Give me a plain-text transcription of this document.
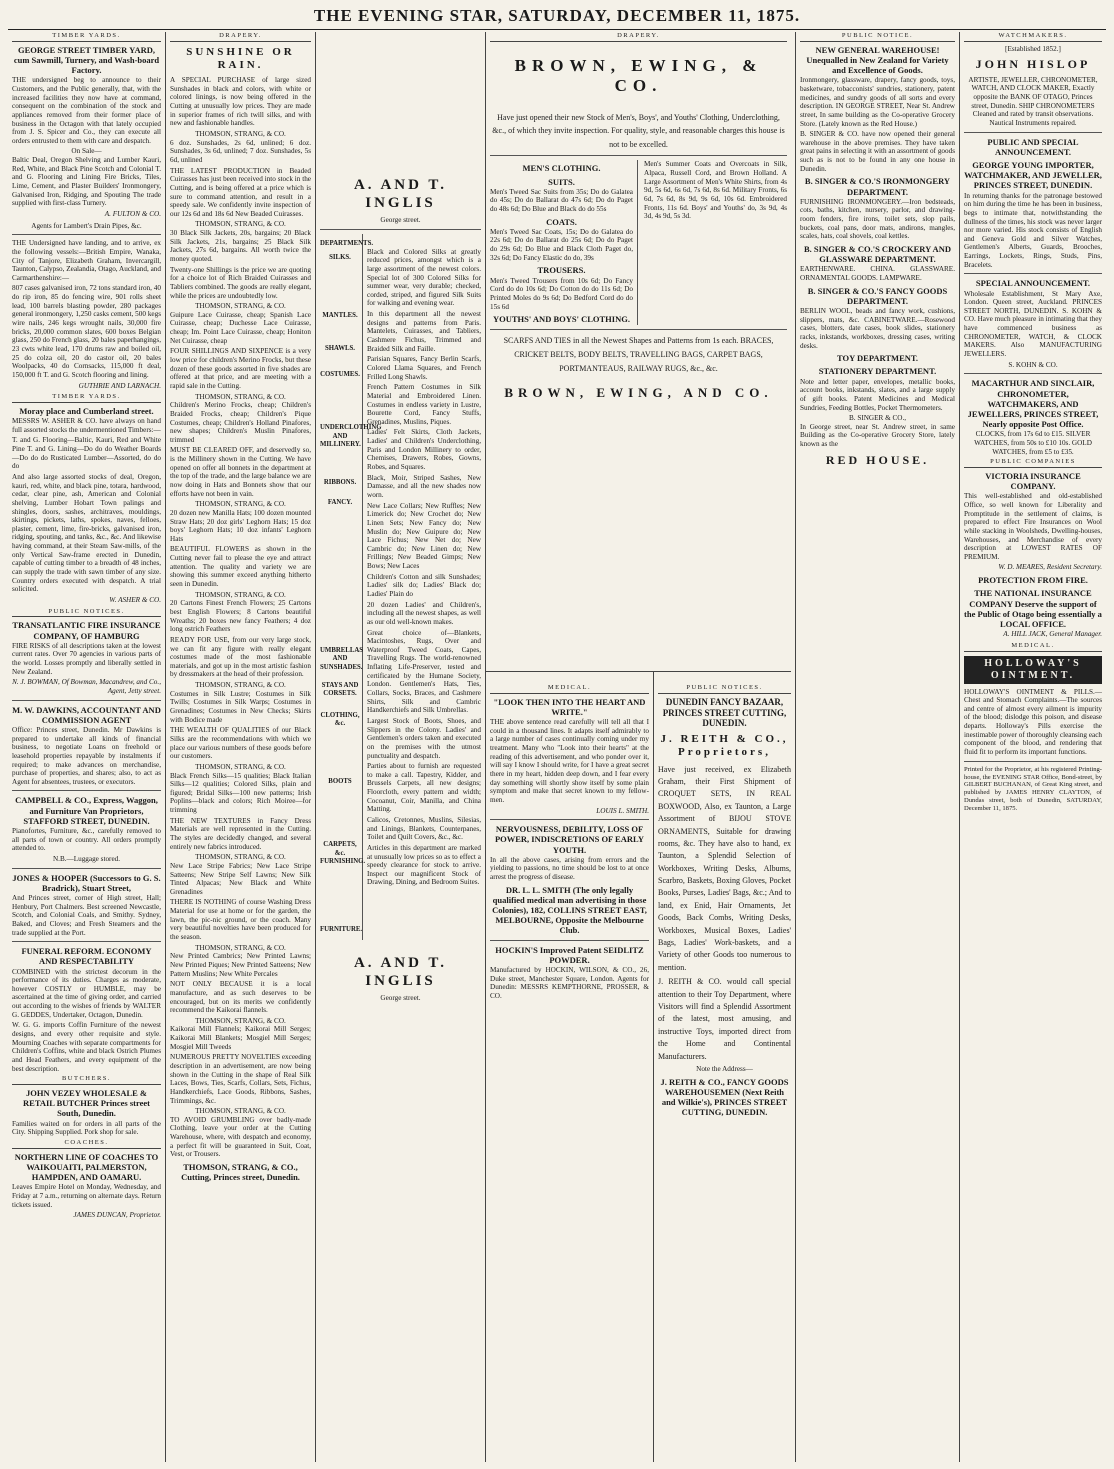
THE EVENING STAR, SATURDAY, DECEMBER 11, 1875.
TIMBER YARDS.
GEORGE STREET TIMBER YARD, cum Sawmill, Turnery, and Wash-board Factory.

THE undersigned beg to announce to their Customers, and the Public generally, that, with the increased facilities they now have at command, consequent on the combination of the stock and appliances removed from their former place of business in the Octagon with that lately occupied from J. S. Spicer and Co., they can execute all orders entrusted to them with care and despatch.

On Sale—

Baltic Deal, Oregon Shelving and Lumber Kauri, Red, White, and Black Pine Scotch and Colonial T. and G. Flooring and Lining Fire Bricks, Tiles, Lime, Cement, and Plaster Builders' Ironmongery, Galvanised Iron, Ridging, and Spouting The trade supplied with first-class Turnery.

A. FULTON & CO.
Agents for Lambert's Drain Pipes, &c.

THE Undersigned have landing, and to arrive, ex the following vessels:—British Empire, Wanaka, City of Tanjore, Elizabeth Graham, Invercargill, Taunton, Calypso, Zealandia, Otago, Auckland, and Carmarthenshire:—

807 cases galvanised iron, 72 tons standard iron, 40 do rip iron, 85 do fencing wire, 901 rolls sheet lead, 100 barrels blasting powder, 280 packages general ironmongery, 1,250 casks cement, 500 kegs wire nails, 246 kegs wrought nails, 30,000 fire bricks, 20,000 common slates, 600 boxes Belgian glass, 250 do French glass, 20 bales paperhangings, 23 cwts white lead, 170 drums raw and boiled oil, 25 do colza oil, 20 do castor oil, 20 bales Woolpacks, 40 do Cornsacks, 115,000 ft deal, 150,000 ft T. and G. Scotch flooring and lining.

GUTHRIE AND LARNACH.
TIMBER YARDS.
Moray place and Cumberland street.

MESSRS W. ASHER & CO. have always on hand full assorted stocks the undermentioned Timbers:—

T. and G. Flooring—Baltic, Kauri, Red and White Pine T. and G. Lining—Do do do Weather Boards—Do do do Rusticated Lumber—Assorted, do do do

And also large assorted stocks of deal, Oregon, kauri, red, white, and black pine, totara, hardwood, cedar, clear pine, ash, American and Colonial shelving, Lumber Hobart Town palings and shingles, doors, sashes, architraves, mouldings, skirtings, pickets, laths, spokes, naves, felloes, plaster, cement, lime, fire-bricks, galvanised iron, ridging, spouting, and tanks, &c., &c. And likewise having command, at their Steam Saw-mills, of the only Vertical Saw-frame erected in Dunedin, capable of cutting timber to a breadth of 48 inches, can supply the trade with sawn timber of any size. Country orders executed with despatch. A trial solicited.

W. ASHER & CO.
PUBLIC NOTICES.
TRANSATLANTIC FIRE INSURANCE COMPANY, OF HAMBURG

FIRE RISKS of all descriptions taken at the lowest current rates. Over 70 agencies in various parts of the world. Losses promptly and liberally settled in New Zealand.

N. J. BOWMAN, Of Bowman, Macandrew, and Co., Agent, Jetty street.
M. W. DAWKINS, ACCOUNTANT AND COMMISSION AGENT

Office: Princes street, Dunedin. Mr Dawkins is prepared to undertake all kinds of financial business, to negotiate Loans on freehold or leasehold properties repayable by instalments if required; to make advances on merchandise, purchase of properties, and shares; also, to act as Agent for absentees, trustees, or executors.

CAMPBELL & CO., Express, Waggon, and Furniture Van Proprietors, STAFFORD STREET, DUNEDIN.

Pianofortes, Furniture, &c., carefully removed to all parts of town or country. All orders promptly attended to.

N.B.—Luggage stored.
JONES & HOOPER (Successors to G. S. Bradrick), Stuart Street,

And Princes street, corner of High street, Hall; Henbury, Port Chalmers. Best screened Newcastle, Scotch, and Colonial Coals, and Smithy. Sydney, Baked, and Cloves; and Fresh Steamers and the trade supplied at the Port.

FUNERAL REFORM. ECONOMY AND RESPECTABILITY

COMBINED with the strictest decorum in the performance of its duties. Charges as moderate, however COSTLY or HUMBLE, may be ascertained at the time of giving order, and carried out according to the wishes of friends by WALTER G. GEDDES, Undertaker, Octagon, Dunedin.

W. G. G. imports Coffin Furniture of the newest designs, and every other requisite and style. Mourning Coaches with separate compartments for Children's Coffins, white and black Ostrich Plumes and Head Feathers, and every equipment of the best description.

BUTCHERS.
JOHN VEZEY WHOLESALE & RETAIL BUTCHER Princes street South, Dunedin.

Families waited on for orders in all parts of the City. Shipping Supplied. Pork shop for sale.

COACHES.
NORTHERN LINE OF COACHES TO WAIKOUAITI, PALMERSTON, HAMPDEN, AND OAMARU.

Leaves Empire Hotel on Monday, Wednesday, and Friday at 7 a.m., returning on alternate days. Return tickets issued.

JAMES DUNCAN, Proprietor.
DRAPERY.
SUNSHINE OR RAIN.

A SPECIAL PURCHASE of large sized Sunshades in black and colors, with white or colored linings, is now being offered in the Cutting at unusually low prices. They are made in superior frames of rich twill silks, and with new and fashionable handles.

THOMSON, STRANG, & CO.

6 doz. Sunshades, 2s 6d, unlined; 6 doz. Sunshades, 3s 6d, unlined; 7 doz. Sunshades, 5s 6d, unlined

THE LATEST PRODUCTION in Beaded Cuirasses has just been received into stock in the Cutting, and is being offered at a price which is sure to command attention, and result in a speedy sale. We confidently invite inspection of our 12s 6d and 18s 6d New Beaded Cuirasses.

THOMSON, STRANG, & CO.

30 Black Silk Jackets, 20s, bargains; 20 Black Silk Jackets, 21s, bargains; 25 Black Silk Jackets, 27s 6d, bargains. All worth twice the money quoted.

Twenty-one Shillings is the price we are quoting for a choice lot of Rich Braided Cuirasses and Tabliers combined. The goods are really elegant, while the prices are undoubtedly low.

THOMSON, STRANG, & CO.

Guipure Lace Cuirasse, cheap; Spanish Lace Cuirasse, cheap; Duchesse Lace Cuirasse, cheap; Im. Point Lace Cuirasse, cheap; Honiton Net Cuirasse, cheap

FOUR SHILLINGS AND SIXPENCE is a very low price for children's Merino Frocks, but these dozen of these goods assorted in five shades are offered at that price, and are meeting with a rapid sale in the Cutting.

THOMSON, STRANG, & CO.

Children's Merino Frocks, cheap; Children's Braided Frocks, cheap; Children's Pique Costumes, cheap; Children's Holland Pinafores, new shapes; Children's Muslin Pinafores, trimmed

MUST BE CLEARED OFF, and deservedly so, is the Millinery shown in the Cutting. We have opened on offer all bonnets in the department at the top of the trade, and the large balance we are now doing in Hats and Bonnets show that our efforts have not been in vain.

THOMSON, STRANG, & CO.

20 dozen new Manilla Hats; 100 dozen mounted Straw Hats; 20 doz girls' Leghorn Hats; 15 doz boys' Leghorn Hats; 10 doz infants' Leghorn Hats

BEAUTIFUL FLOWERS as shown in the Cutting never fail to please the eye and attract attention. The quality and variety we are showing this summer exceed anything hitherto seen in Dunedin.

THOMSON, STRANG, & CO.

20 Cartons Finest French Flowers; 25 Cartons best English Flowers; 8 Cartons beautiful Wreaths; 20 boxes new fancy Feathers; 4 doz long ostrich Feathers

READY FOR USE, from our very large stock, we can fit any figure with really elegant costumes made of the most fashionable materials, and got up in the most artistic fashion by dressmakers at the head of their profession.

THOMSON, STRANG, & CO.

Costumes in Silk Lustre; Costumes in Silk Twills; Costumes in Silk Warps; Costumes in Grenadines; Costumes in New Checks; Skirts with Bodice made

THE WEALTH OF QUALITIES of our Black Silks are the recommendations with which we place our various numbers of these goods before our customers.

THOMSON, STRANG, & CO.

Black French Silks—15 qualities; Black Italian Silks—12 qualities; Colored Silks, plain and figured; Bridal Silks—100 new patterns; Irish Poplins—black and colors; Rich Moiree—for trimming

THE NEW TEXTURES in Fancy Dress Materials are well represented in the Cutting. The styles are decidedly changed, and several entirely new fabrics introduced.

THOMSON, STRANG, & CO.

New Lace Stripe Fabrics; New Lace Stripe Satteens; New Stripe Self Lawns; New Silk Tinted Alpacas; New Black and White Grenadines

THERE IS NOTHING of course Washing Dress Material for use at home or for the garden, the lawn, the pic-nic ground, or the coach. Many very beautiful novelties have been produced for the season.

THOMSON, STRANG, & CO.

New Printed Cambrics; New Printed Lawns; New Printed Piques; New Printed Satteens; New Pattern Muslins; New White Percales

NOT ONLY BECAUSE it is a local manufacture, and as such deserves to be encouraged, but on its merits we confidently recommend the Kaikorai flannels.

THOMSON, STRANG, & CO.

Kaikorai Mill Flannels; Kaikorai Mill Serges; Kaikorai Mill Blankets; Mosgiel Mill Serges; Mosgiel Mill Tweeds

NUMEROUS PRETTY NOVELTIES exceeding description in an advertisement, are now being shown in the Cutting in the shape of Real Silk Laces, Bows, Ties, Scarfs, Collars, Sets, Fichus, Handkerchiefs, Lace Goods, Ribbons, Sashes, Trimmings, &c.

THOMSON, STRANG, & CO.

TO AVOID GRUMBLING over badly-made Clothing, leave your order at the Cutting Warehouse, where, with despatch and economy, a perfect fit will be guaranteed in Suit, Coat, Vest, or Trousers.

THOMSON, STRANG, & CO., Cutting, Princes street, Dunedin.
A. AND T. INGLIS
George street.
DEPARTMENTS.
SILKS.
MANTLES.
SHAWLS.
COSTUMES.
UNDERCLOTHING AND MILLINERY.
RIBBONS.
FANCY.
UMBRELLAS AND SUNSHADES.
STAYS AND CORSETS.
CLOTHING, &c.
BOOTS
CARPETS, &c. FURNISHING.
FURNITURE.

Black and Colored Silks at greatly reduced prices, amongst which is a large assortment of the newest colors. Special lot of 300 Colored Silks for summer wear, very durable; checked, corded, striped, and figured Silk Suits for walking and evening wear.

In this department all the newest designs and patterns from Paris. Mantelets, Cuirasses, and Tabliers, Cashmere Fichus, Trimmed and Braided Silk and Faille.

Parisian Squares, Fancy Berlin Scarfs, Colored Llama Squares, and French Frilled Long Shawls.

French Pattern Costumes in Silk Material and Embroidered Linen. Costumes in endless variety in Lustre, Bourette Cord, Fancy Stuffs, Grenadines, Muslins, Piques.

Ladies' Felt Skirts, Cloth Jackets, Ladies' and Children's Underclothing, Paris and London Millinery to order, Chemises, Drawers, Robes, Gowns, Robes, and Squares.

Black, Moir, Striped Sashes, New Damasse, and all the new shades now worn.

New Lace Collars; New Ruffles; New Limerick do; New Crochet do; New Linen Sets; New Fancy do; New Muslin do; New Guipure do; New Lace Fichus; New Net do; New Cambric do; New Linen do; New Frillings; New Beaded Gimps; New Bows; New Laces

Children's Cotton and silk Sunshades; Ladies' silk do; Ladies' Black do; Ladies' Plain do

20 dozen Ladies' and Children's, including all the newest shapes, as well as our old well-known makes.

Great choice of—Blankets, Macintoshes, Rugs, Over and Waterproof Tweed Coats, Capes, Travelling Rugs. The world-renowned Inflating Life-Preserver, tested and certificated by the Humane Society, London. Gentlemen's Hats, Ties, Collars, Socks, Braces, and Cashmere Shirts, Silk and Cambric Handkerchiefs and Silk Umbrellas.

Largest Stock of Boots, Shoes, and Slippers in the Colony. Ladies' and Gentlemen's orders taken and executed on the premises with the utmost punctuality and despatch.

Parties about to furnish are requested to make a call. Tapestry, Kidder, and Brussels Carpets, all new designs; Floorcloth, every pattern and width; Cocoanut, Coir, Manilla, and China Matting.

Calicos, Cretonnes, Muslins, Silesias, and Linings, Blankets, Counterpanes, Toilet and Quilt Covers, &c., &c.

Articles in this department are marked at unusually low prices so as to effect a speedy clearance for stock to arrive. Inspect our magnificent Stock of Drawing, Dining, and Bedroom Suites.

A. AND T. INGLIS
George street.
MEDICAL.
"LOOK THEN INTO THE HEART AND WRITE."

THE above sentence read carefully will tell all that I could in a thousand lines. It adapts itself admirably to a large number of cases continually coming under my treatment. Many who "Look into their hearts" at the reading of this advertisement, and who ponder over it, will say I know I should write, for I have a great secret there in my heart, hidden deep down, and I fear every day something will shortly show itself by some plain symptom and make that secret known to my fellow-men.

LOUIS L. SMITH.
NERVOUSNESS, DEBILITY, LOSS OF POWER, INDISCRETIONS OF EARLY YOUTH.

In all the above cases, arising from errors and the yielding to passions, no time should be lost to at once arrest the progress of disease.

DR. L. L. SMITH (The only legally qualified medical man advertising in those Colonies), 182, COLLINS STREET EAST, MELBOURNE, Opposite the Melbourne Club.
HOCKIN'S Improved Patent SEIDLITZ POWDER.

Manufactured by HOCKIN, WILSON, & CO., 26, Duke street, Manchester Square, London. Agents for Dunedin: MESSRS KEMPTHORNE, PROSSER, & CO.

PUBLIC NOTICES.
DUNEDIN FANCY BAZAAR, PRINCES STREET CUTTING, DUNEDIN.
J. REITH & CO., Proprietors,

Have just received, ex Elizabeth Graham, their First Shipment of CROQUET SETS, IN REAL BOXWOOD, Also, ex Taunton, a Large Assortment of BIJOU STOVE ORNAMENTS, Suitable for drawing rooms, &c. They have also to hand, ex Taunton, a Splendid Selection of Workboxes, Writing Desks, Albums, Scarbro, Baskets, Boxing Gloves, Pocket Books, Purses, Ladies' Bags, &c.; And to land, ex Enid, Hair Ornaments, Jet Goods, Back Combs, Writing Desks, Workboxes, Musical Boxes, Ladies' Bags, Ladies' Work-baskets, and a Variety of other Goods too numerous to mention.

J. REITH & CO. would call special attention to their Toy Department, where Visitors will find a Splendid Assortment of the latest, most amusing, and instructive Toys, imported direct from the Home and Continental Manufacturers.

Note the Address—
J. REITH & CO., FANCY GOODS WAREHOUSEMEN (Next Reith and Wilkie's), PRINCES STREET CUTTING, DUNEDIN.
PUBLIC NOTICE.
NEW GENERAL WAREHOUSE! Unequalled in New Zealand for Variety and Excellence of Goods.

Ironmongery, glassware, drapery, fancy goods, toys, basketware, tobacconists' sundries, stationery, patent medicines, and sundry goods of all sorts and every description. IN GEORGE STREET, Near St. Andrew street, In same building as the Co-operative Grocery Store. (Lately known as the Red House.)

B. SINGER & CO. have now opened their general warehouse in the above premises. They have taken great pains in selecting it with an assortment of goods such as is not to be found in any one house in Dunedin.

B. SINGER & CO.'S IRONMONGERY DEPARTMENT.

FURNISHING IRONMONGERY.—Iron bedsteads, cots, baths, kitchen, nursery, parlor, and drawing-room fenders, fire irons, toilet sets, slop pails, buckets, coal pans, door mats, andirons, mangles, scales, hats, coal shovels, coal kettles.

B. SINGER & CO.'S CROCKERY AND GLASSWARE DEPARTMENT.

EARTHENWARE. CHINA. GLASSWARE. ORNAMENTAL GOODS. LAMPWARE.

B. SINGER & CO.'S FANCY GOODS DEPARTMENT.

BERLIN WOOL, beads and fancy work, cushions, slippers, mats, &c. CABINETWARE.—Rosewood cases, blotters, date cases, book slides, stationery racks, inkstands, workboxes, dressing cases, writing desks.

TOY DEPARTMENT.
STATIONERY DEPARTMENT.

Note and letter paper, envelopes, metallic books, account books, inkstands, slates, and a large supply of gift books. Patent Medicines and Medical Sundries, Feeding Bottles, Pocket Thermometers.

B. SINGER & CO.,

In George street, near St. Andrew street, in same Building as the Co-operative Grocery Store, lately known as the

RED HOUSE.
WATCHMAKERS.
[Established 1852.]
JOHN HISLOP

ARTISTE, JEWELLER, CHRONOMETER, WATCH, AND CLOCK MAKER, Exactly opposite the BANK OF OTAGO, Princes street, Dunedin. SHIP CHRONOMETERS Cleaned and rated by transit observations. Nautical Instruments repaired.

PUBLIC AND SPECIAL ANNOUNCEMENT.
GEORGE YOUNG IMPORTER, WATCHMAKER, AND JEWELLER, PRINCES STREET, DUNEDIN.

In returning thanks for the patronage bestowed on him during the time he has been in business, begs to intimate that, notwithstanding the dullness of the times, his stock was never larger nor more varied. His stock consists of English and Geneva Gold and Silver Watches, Gentlemen's Alberts, Guards, Brooches, Earrings, Lockets, Rings, Studs, Pins, Bracelets.

SPECIAL ANNOUNCEMENT.

Wholesale Establishment, St Mary Axe, London. Queen street, Auckland. PRINCES STREET NORTH, DUNEDIN. S. KOHN & CO. Have much pleasure in intimating that they have commenced business as CHRONOMETER, WATCH, & CLOCK MAKERS. Also MANUFACTURING JEWELLERS.

S. KOHN & CO.
MACARTHUR AND SINCLAIR, CHRONOMETER, WATCHMAKERS, AND JEWELLERS, PRINCES STREET, Nearly opposite Post Office.

CLOCKS, from 17s 6d to £15. SILVER WATCHES, from 50s to £10 10s. GOLD WATCHES, from £5 to £35.

PUBLIC COMPANIES
VICTORIA INSURANCE COMPANY.

This well-established and old-established Office, so well known for Liberality and Promptitude in the settlement of claims, is prepared to effect Fire Insurances on Wool while stacking in Woolsheds, Dwelling-houses, Warehouses, and Merchandise of every description at LOWEST RATES OF PREMIUM.

W. D. MEARES, Resident Secretary.
PROTECTION FROM FIRE.
THE NATIONAL INSURANCE COMPANY Deserve the support of the Public of Otago being essentially a LOCAL OFFICE.
A. HILL JACK, General Manager.
MEDICAL.
HOLLOWAY'S OINTMENT.

HOLLOWAY'S OINTMENT & PILLS.—Chest and Stomach Complaints.—The sources and centre of almost every ailment is impurity of the blood; dislodge this poison, and disease departs. Holloway's Pills exercise the inestimable power of thoroughly cleansing each component of the blood, and rendering that fluid fit to perform its important functions.

Printed for the Proprietor, at his registered Printing-house, the EVENING STAR Office, Bond-street, by GILBERT BUCHANAN, of Great King street, and published by JAMES HENRY CLAYTON, of Dundas street, both of Dunedin, SATURDAY, December 11, 1875.

DRAPERY.
BROWN, EWING, & CO.

Have just opened their new Stock of Men's, Boys', and Youths' Clothing, Underclothing, &c., of which they invite inspection. For quality, style, and reasonable charges this house is not to be excelled.

MEN'S CLOTHING.
SUITS.

Men's Tweed Sac Suits from 35s; Do do Galatea do 45s; Do do Ballarat do 47s 6d; Do do Paget do 48s 6d; Do Blue and Black do do 55s

COATS.

Men's Tweed Sac Coats, 15s; Do do Galatea do 22s 6d; Do do Ballarat do 25s 6d; Do do Paget do 29s 6d; Do Blue and Black Cloth Paget do, 32s 6d; Do Fancy Elastic do do, 39s

TROUSERS.

Men's Tweed Trousers from 10s 6d; Do Fancy Cord do do 10s 6d; Do Cotton do do 11s 6d; Do Printed Moles do 9s 6d; Do Bedford Cord do do 15s 6d

YOUTHS' AND BOYS' CLOTHING.

Men's Summer Coats and Overcoats in Silk, Alpaca, Russell Cord, and Brown Holland. A Large Assortment of Men's White Shirts, from 4s 9d, 5s 6d, 6s 6d, 7s 6d, 8s 6d. Military Fronts, 6s 6d, 7s 6d, 8s 9d, 9s 6d, 10s 6d. Embroidered Fronts, 11s 6d. Boys' and Youths' do, 3s 9d, 4s 3d, 4s 9d, 5s 3d.

SCARFS AND TIES in all the Newest Shapes and Patterns from 1s each. BRACES, CRICKET BELTS, BODY BELTS, TRAVELLING BAGS, CARPET BAGS, PORTMANTEAUS, RAILWAY RUGS, &c., &c.

BROWN, EWING, AND CO.
